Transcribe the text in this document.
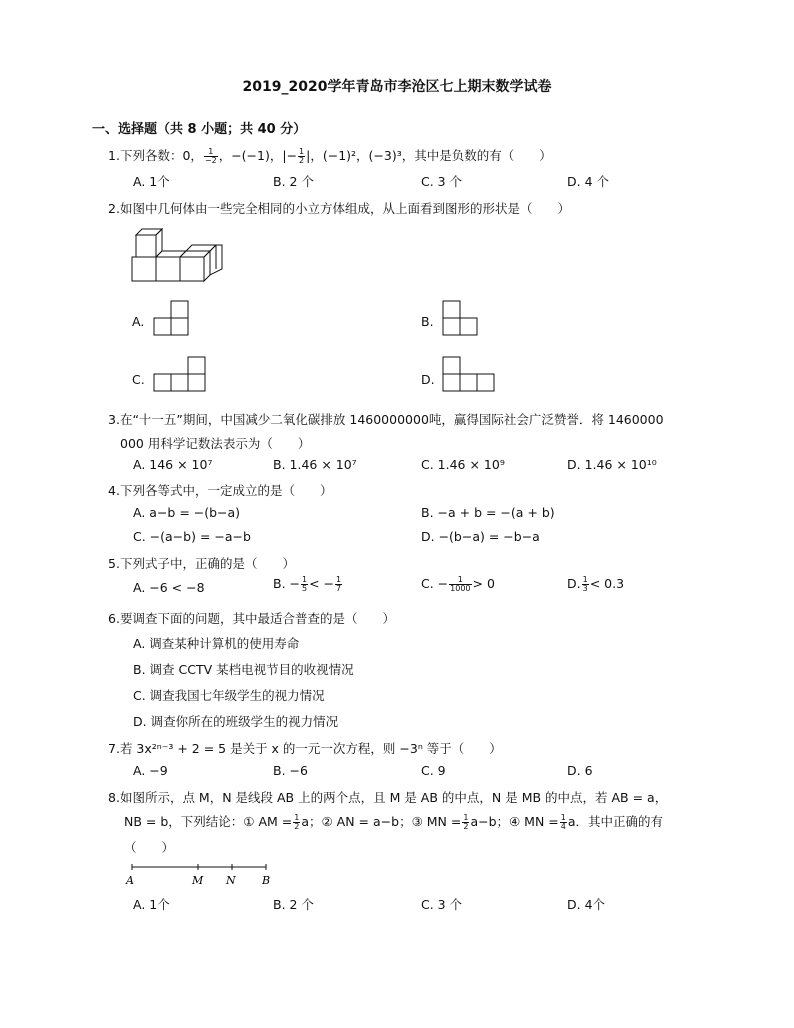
2019_2020学年青岛市李沧区七上期末数学试卷
一、选择题（共 8 小题；共 40 分）
1.下列各数：0， $\frac{1}{-2}$ ，−(−1)，|− $\frac{1}{2}$ |，(−1)²，(−3)³，其中是负数的有（　　）
A. 1个	B. 2 个	C. 3 个	D. 4 个
2.如图中几何体由一些完全相同的小立方体组成，从上面看到图形的形状是（　　）
A.	B.
C.	D.
3.在“十一五”期间，中国减少二氧化碳排放 1460000000吨，赢得国际社会广泛赞誉．将 1460000
000 用科学记数法表示为（　　）
A. 146 × 10⁷	B. 1.46 × 10⁷	C. 1.46 × 10⁹	D. 1.46 × 10¹⁰
4.下列各等式中，一定成立的是（　　）
A. a−b = −(b−a)	B. −a + b = −(a + b)
C. −(a−b) = −a−b	D. −(b−a) = −b−a
5.下列式子中，正确的是（　　）
A. −6 < −8	B. − $\frac{1}{5}$ < − $\frac{1}{7}$	C. − $\frac{1}{1000} > 0$	D. $\frac{1}{3} < 0.3$
6.要调查下面的问题，其中最适合普查的是（　　）
A. 调查某种计算机的使用寿命
B. 调查 CCTV 某档电视节目的收视情况
C. 调查我国七年级学生的视力情况
D. 调查你所在的班级学生的视力情况
7.若 3x²ⁿ⁻³ + 2 = 5 是关于 x 的一元一次方程，则 −3ⁿ 等于（　　）
A. −9	B. −6	C. 9	D. 6
8.如图所示，点 M，N 是线段 AB 上的两个点，且 M 是 AB 的中点，N 是 MB 的中点，若 AB = a，
NB = b，下列结论：① AM = $\frac{1}{2}$ a；② AN = a−b；③ MN = $\frac{1}{2} a-b$；④ MN = $\frac{1}{4}$ a．其中正确的有
（　　）
A	M N B
A. 1个	B. 2 个	C. 3 个	D. 4个
